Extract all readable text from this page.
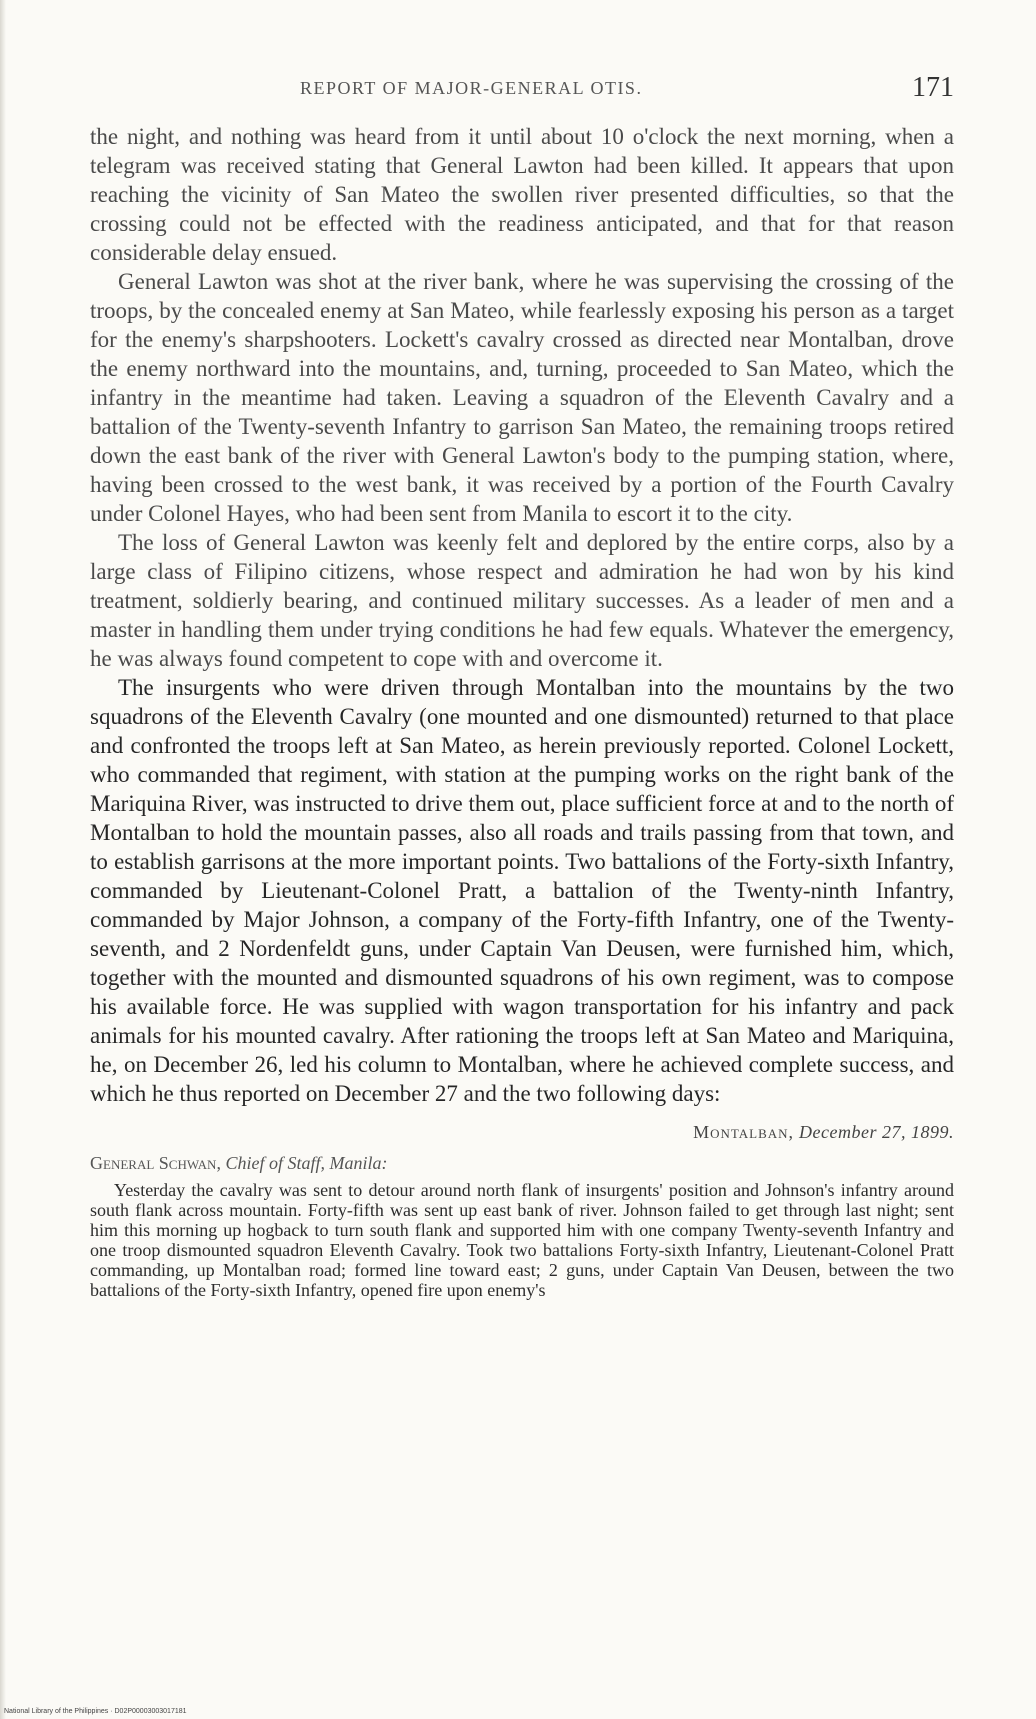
REPORT OF MAJOR-GENERAL OTIS.	171

the night, and nothing was heard from it until about 10 o'clock the next morning, when a telegram was received stating that General Lawton had been killed. It appears that upon reaching the vicinity of San Mateo the swollen river presented difficulties, so that the crossing could not be effected with the readiness anticipated, and that for that reason considerable delay ensued.

General Lawton was shot at the river bank, where he was supervising the crossing of the troops, by the concealed enemy at San Mateo, while fearlessly exposing his person as a target for the enemy's sharpshooters. Lockett's cavalry crossed as directed near Montalban, drove the enemy northward into the mountains, and, turning, proceeded to San Mateo, which the infantry in the meantime had taken. Leaving a squadron of the Eleventh Cavalry and a battalion of the Twenty-seventh Infantry to garrison San Mateo, the remaining troops retired down the east bank of the river with General Lawton's body to the pumping station, where, having been crossed to the west bank, it was received by a portion of the Fourth Cavalry under Colonel Hayes, who had been sent from Manila to escort it to the city.

The loss of General Lawton was keenly felt and deplored by the entire corps, also by a large class of Filipino citizens, whose respect and admiration he had won by his kind treatment, soldierly bearing, and continued military successes. As a leader of men and a master in handling them under trying conditions he had few equals. Whatever the emergency, he was always found competent to cope with and overcome it.

The insurgents who were driven through Montalban into the mountains by the two squadrons of the Eleventh Cavalry (one mounted and one dismounted) returned to that place and confronted the troops left at San Mateo, as herein previously reported. Colonel Lockett, who commanded that regiment, with station at the pumping works on the right bank of the Mariquina River, was instructed to drive them out, place sufficient force at and to the north of Montalban to hold the mountain passes, also all roads and trails passing from that town, and to establish garrisons at the more important points. Two battalions of the Forty-sixth Infantry, commanded by Lieutenant-Colonel Pratt, a battalion of the Twenty-ninth Infantry, commanded by Major Johnson, a company of the Forty-fifth Infantry, one of the Twenty-seventh, and 2 Nordenfeldt guns, under Captain Van Deusen, were furnished him, which, together with the mounted and dismounted squadrons of his own regiment, was to compose his available force. He was supplied with wagon transportation for his infantry and pack animals for his mounted cavalry. After rationing the troops left at San Mateo and Mariquina, he, on December 26, led his column to Montalban, where he achieved complete success, and which he thus reported on December 27 and the two following days:

Montalban, December 27, 1899.

General Schwan, Chief of Staff, Manila:

Yesterday the cavalry was sent to detour around north flank of insurgents' position and Johnson's infantry around south flank across mountain. Forty-fifth was sent up east bank of river. Johnson failed to get through last night; sent him this morning up hogback to turn south flank and supported him with one company Twenty-seventh Infantry and one troop dismounted squadron Eleventh Cavalry. Took two battalions Forty-sixth Infantry, Lieutenant-Colonel Pratt commanding, up Montalban road; formed line toward east; 2 guns, under Captain Van Deusen, between the two battalions of the Forty-sixth Infantry, opened fire upon enemy's

National Library of the Philippines · D02P00003003017181
